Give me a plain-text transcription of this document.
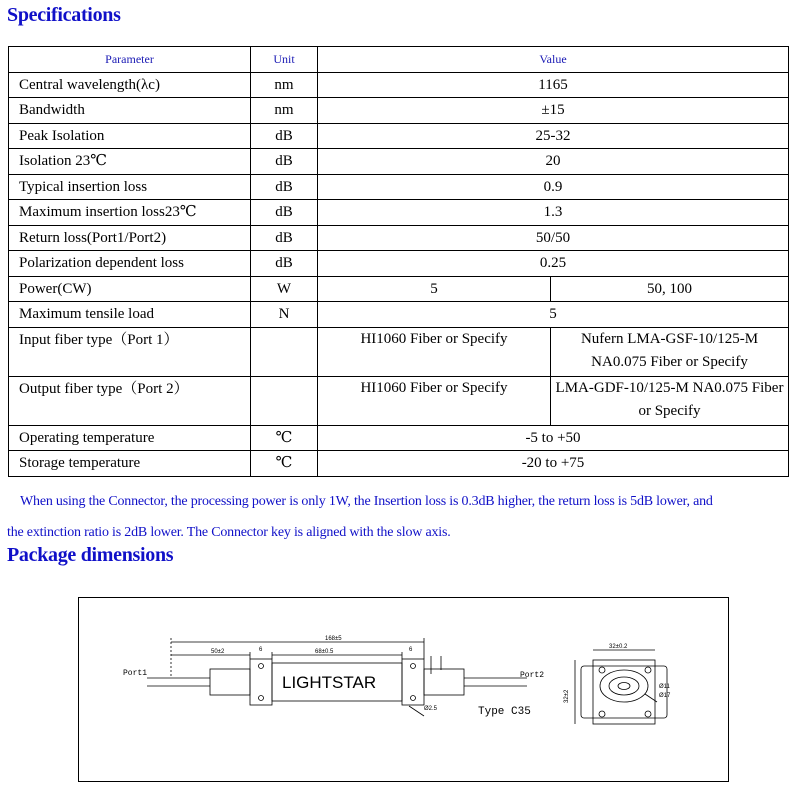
Specifications
Parameter	Unit	Value	
Central wavelength(λc)	nm	1165	
Bandwidth	nm	±15	
Peak Isolation	dB	25-32	
Isolation 23℃	dB	20	
Typical insertion loss	dB	0.9	
Maximum insertion loss23℃	dB	1.3	
Return loss(Port1/Port2)	dB	50/50	
Polarization dependent loss	dB	0.25	
Power(CW)	W	5	50, 100
Maximum tensile load	N	5	
Input fiber type（Port 1）		HI1060 Fiber or Specify	Nufern LMA-GSF-10/125-M NA0.075 Fiber or Specify
Output fiber type（Port 2）		HI1060 Fiber or Specify	LMA-GDF-10/125-M NA0.075 Fiber or Specify
Operating temperature	℃	-5 to +50	
Storage temperature	℃	-20 to +75	
When using the Connector, the processing power is only 1W, the Insertion loss is 0.3dB higher, the return loss is 5dB lower, and
the extinction ratio is 2dB lower. The Connector key is aligned with the slow axis.
Package dimensions
LIGHTSTAR
Port1	Port2
Type C35
168±5
50±2	68±0.5
6	6	32±0.2
32±2
Ø11
Ø17
Ø2.5
